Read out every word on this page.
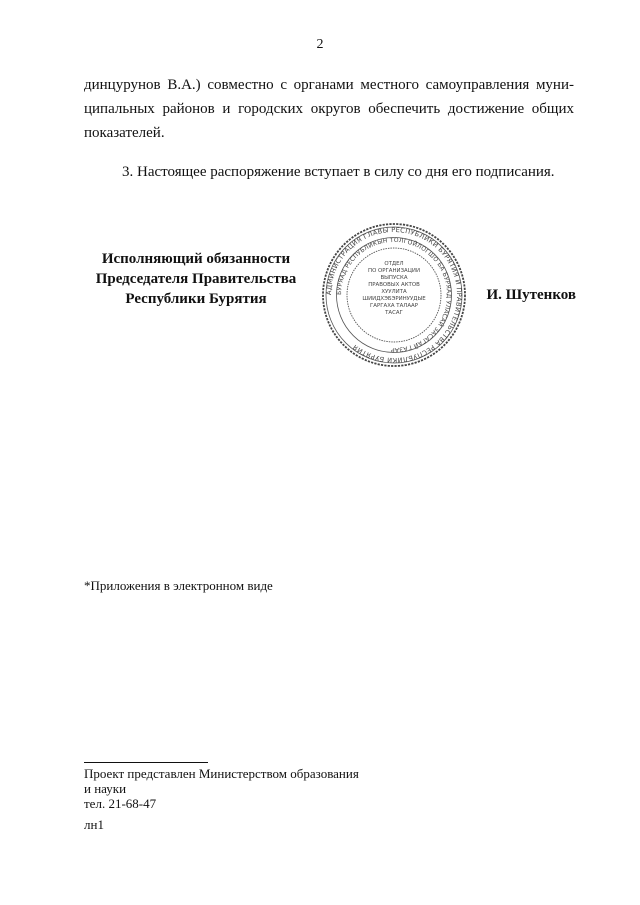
2
динцурунов В.А.) совместно с органами местного самоуправления муни-
ципальных районов и городских округов обеспечить достижение общих
показателей.
3. Настоящее распоряжение вступает в силу со дня его подписания.
Исполняющий обязанности
Председателя Правительства
Республики Бурятия	АДМИНИСТРАЦИЯ ГЛАВЫ РЕСПУБЛИКИ БУРЯТИЯ И ПРАВИТЕЛЬСТВА РЕСПУБЛИКИ БУРЯТИЯ
БУРЯАД РЕСПУБЛИКЫН ТОЛГОЙЛОГШО БА БУРЯАД УЛАСАЙ ЗАСАГАЙ ГАЗАР
ОТДЕЛ
ПО ОРГАНИЗАЦИИ
ВЫПУСКА
ПРАВОВЫХ АКТОВ
ХУУЛИТА
ШИИДХЭБЭРИНУУДЫЕ
ГАРГАХА ТАЛААР
ТАСАГ
И. Шутенков
*Приложения в электронном виде
Проект представлен Министерством образования
и науки
тел. 21-68-47
лн1
